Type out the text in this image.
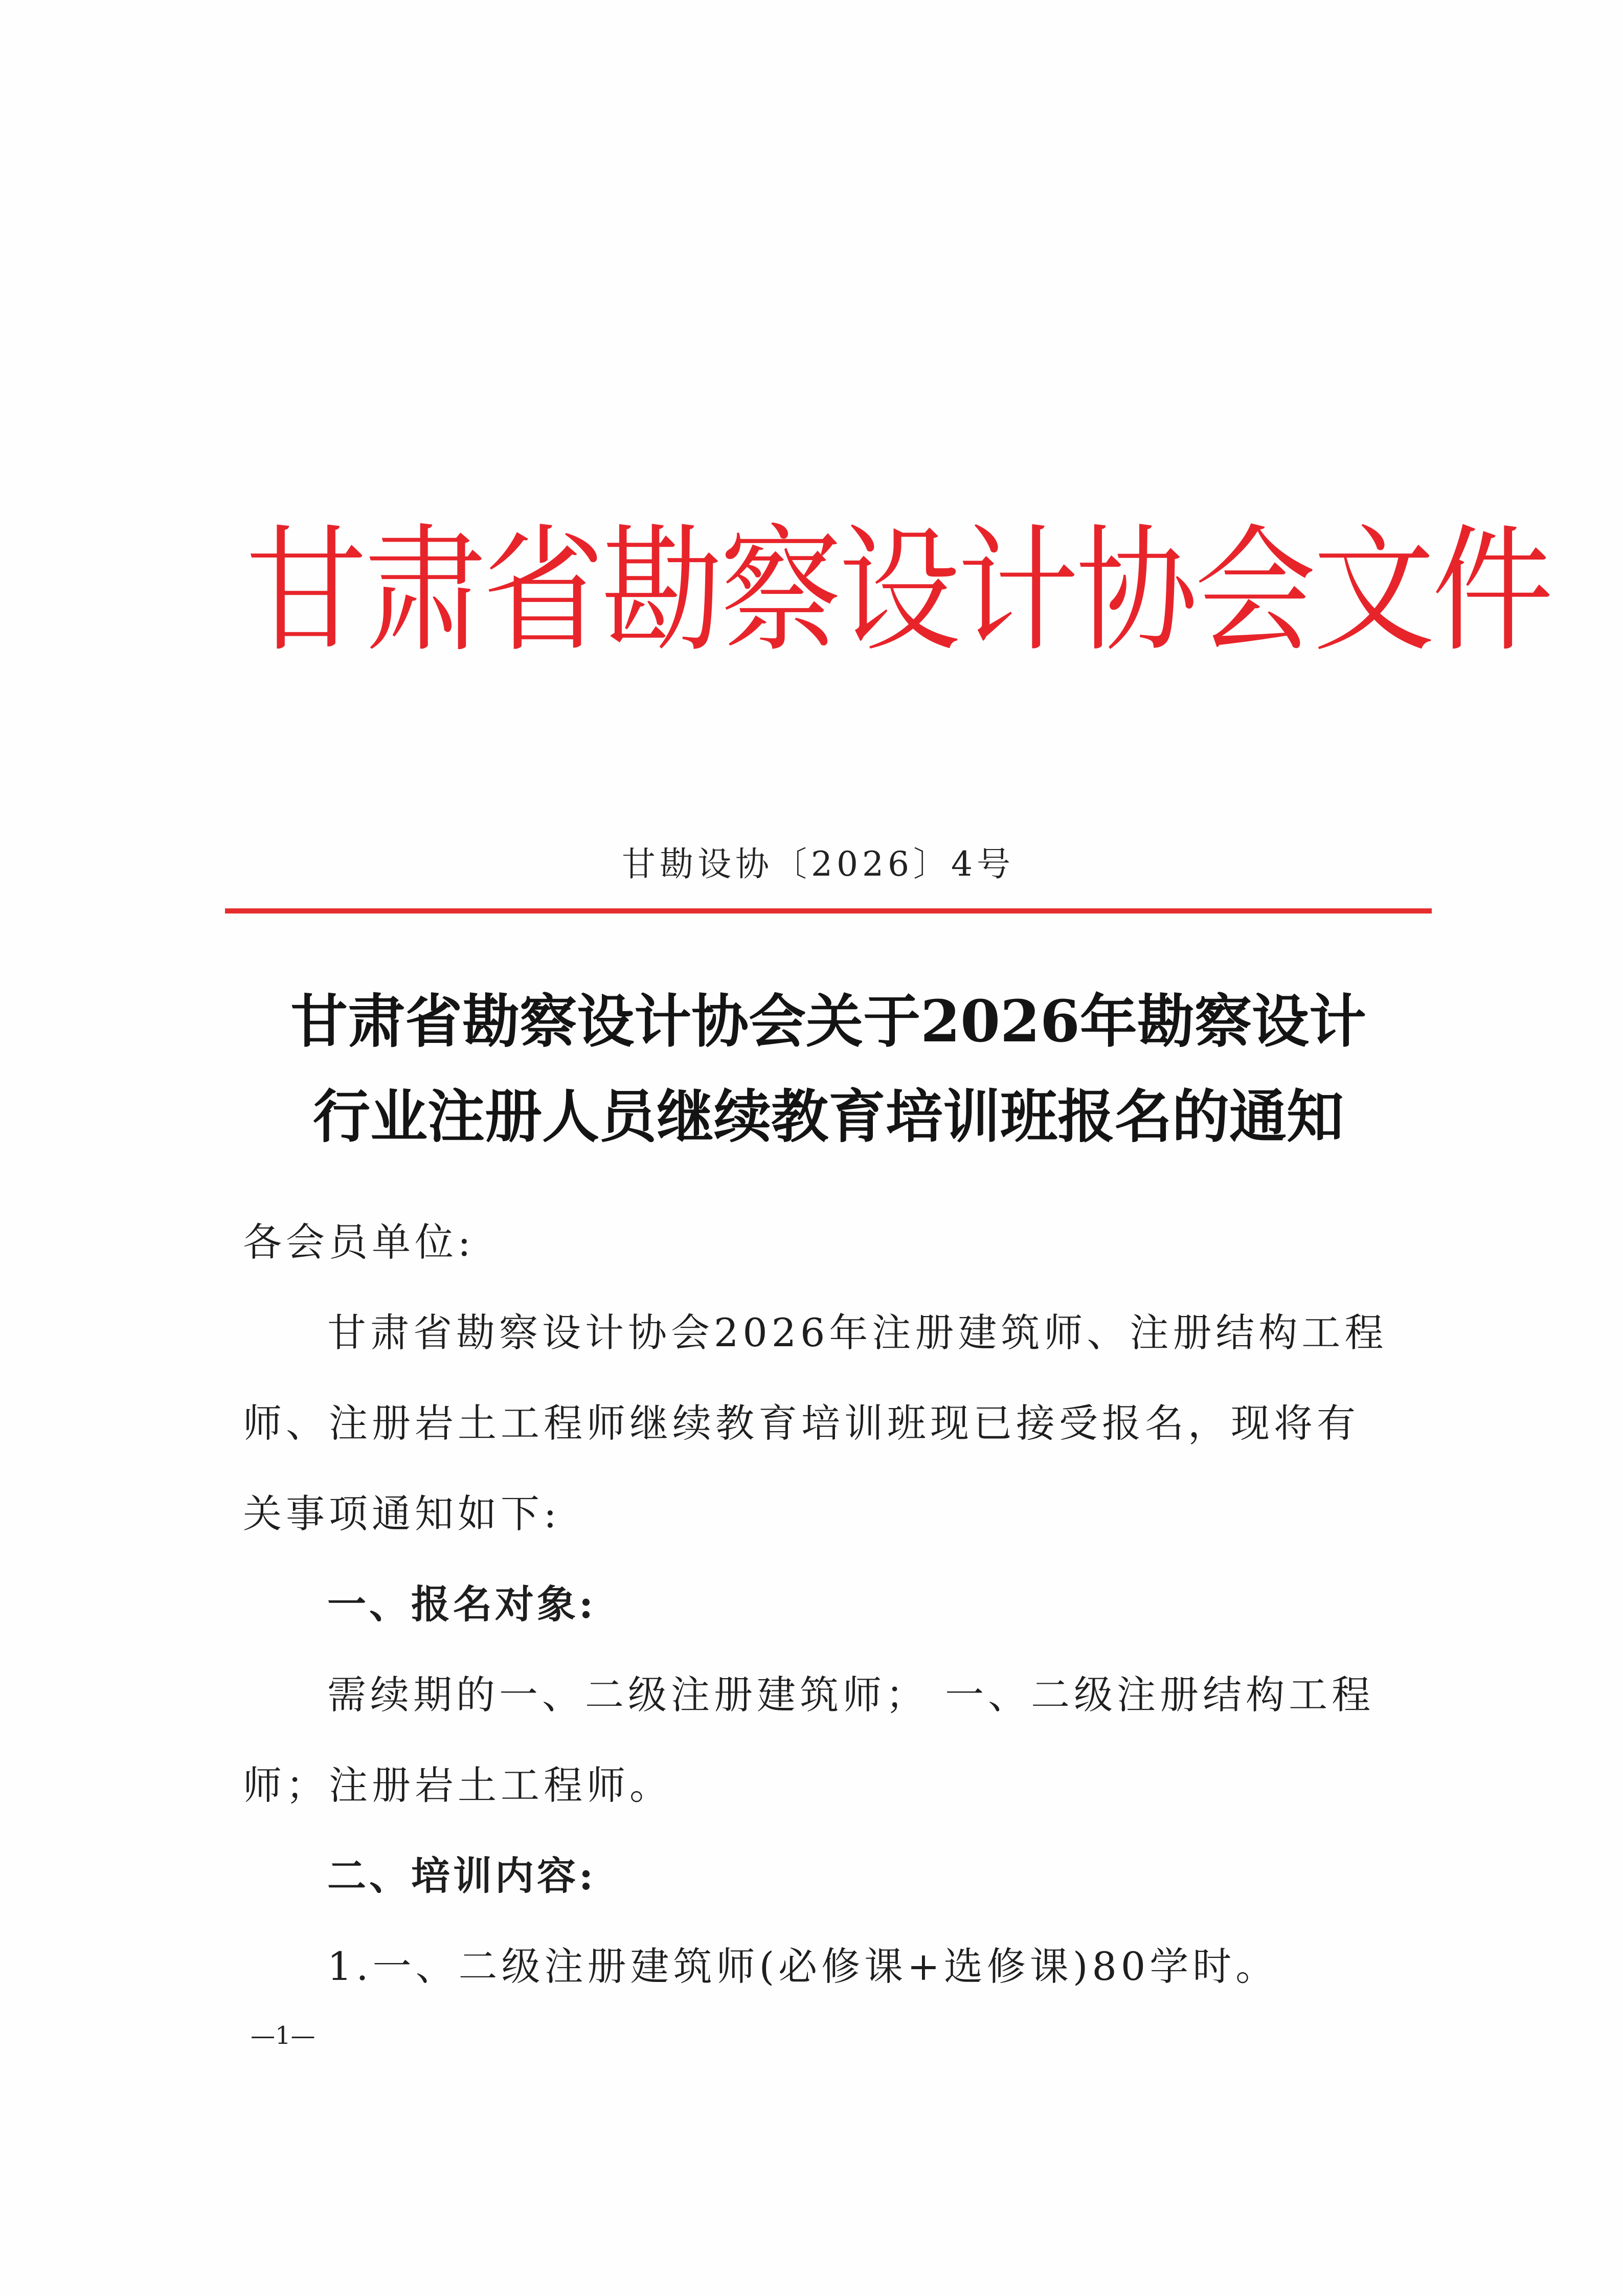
甘肃省勘察设计协会文件
甘勘设协〔2026〕4号
甘肃省勘察设计协会关于2026年勘察设计
行业注册人员继续教育培训班报名的通知

各会员单位:

甘肃省勘察设计协会2026年注册建筑师、注册结构工程

师、注册岩土工程师继续教育培训班现已接受报名，现将有

关事项通知如下:

一、报名对象:

需续期的一、二级注册建筑师； 一、二级注册结构工程

师；注册岩土工程师。

二、培训内容:

1.一、二级注册建筑师(必修课+选修课)80学时。

—1—
